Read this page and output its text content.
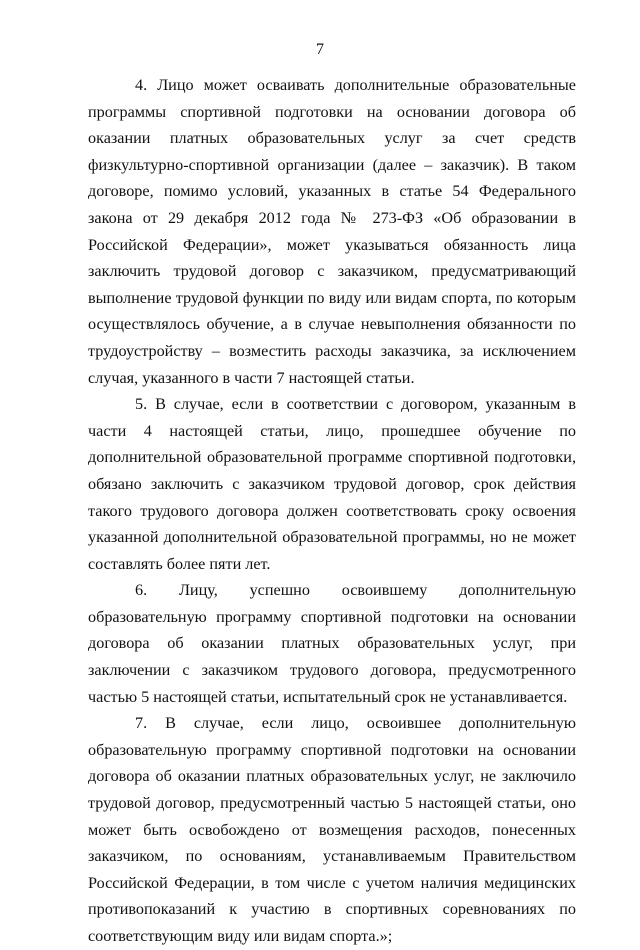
7

4. Лицо может осваивать дополнительные образовательные программы спортивной подготовки на основании договора об оказании платных образовательных услуг за счет средств физкультурно-спортивной организации (далее – заказчик). В таком договоре, помимо условий, указанных в статье 54 Федерального закона от 29 декабря 2012 года № 273-ФЗ «Об образовании в Российской Федерации», может указываться обязанность лица заключить трудовой договор с заказчиком, предусматривающий выполнение трудовой функции по виду или видам спорта, по которым осуществлялось обучение, а в случае невыполнения обязанности по трудоустройству – возместить расходы заказчика, за исключением случая, указанного в части 7 настоящей статьи.

5. В случае, если в соответствии с договором, указанным в части 4 настоящей статьи, лицо, прошедшее обучение по дополнительной образовательной программе спортивной подготовки, обязано заключить с заказчиком трудовой договор, срок действия такого трудового договора должен соответствовать сроку освоения указанной дополнительной образовательной программы, но не может составлять более пяти лет.

6. Лицу, успешно освоившему дополнительную образовательную программу спортивной подготовки на основании договора об оказании платных образовательных услуг, при заключении с заказчиком трудового договора, предусмотренного частью 5 настоящей статьи, испытательный срок не устанавливается.

7. В случае, если лицо, освоившее дополнительную образовательную программу спортивной подготовки на основании договора об оказании платных образовательных услуг, не заключило трудовой договор, предусмотренный частью 5 настоящей статьи, оно может быть освобождено от возмещения расходов, понесенных заказчиком, по основаниям, устанавливаемым Правительством Российской Федерации, в том числе с учетом наличия медицинских противопоказаний к участию в спортивных соревнованиях по соответствующим виду или видам спорта.»;
